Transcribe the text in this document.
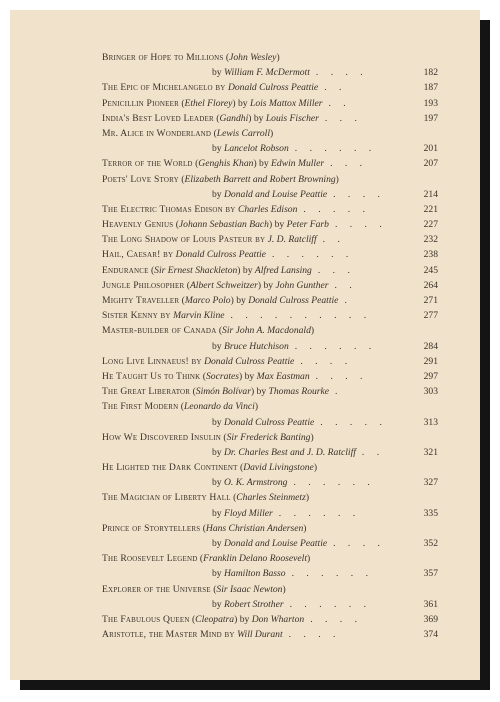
Bringer of Hope to Millions (John Wesley)
by William F. McDermott . . . .	182
The Epic of Michelangelo by Donald Culross Peattie . .	187
Penicillin Pioneer (Ethel Florey) by Lois Mattox Miller . .	193
India's Best Loved Leader (Gandhi) by Louis Fischer . . .	197
Mr. Alice in Wonderland (Lewis Carroll)
by Lancelot Robson . . . . . .	201
Terror of the World (Genghis Khan) by Edwin Muller . . .	207
Poets' Love Story (Elizabeth Barrett and Robert Browning)
by Donald and Louise Peattie . . . .	214
The Electric Thomas Edison by Charles Edison . . . . .	221
Heavenly Genius (Johann Sebastian Bach) by Peter Farb . . . .	227
The Long Shadow of Louis Pasteur by J. D. Ratcliff . .	232
Hail, Caesar! by Donald Culross Peattie . . . . . .	238
Endurance (Sir Ernest Shackleton) by Alfred Lansing . . .	245
Jungle Philosopher (Albert Schweitzer) by John Gunther . .	264
Mighty Traveller (Marco Polo) by Donald Culross Peattie .	271
Sister Kenny by Marvin Kline . . . . . . . . . .	277
Master-builder of Canada (Sir John A. Macdonald)
by Bruce Hutchison . . . . . .	284
Long Live Linnaeus! by Donald Culross Peattie . . . .	291
He Taught Us to Think (Socrates) by Max Eastman . . . .	297
The Great Liberator (Simón Bolívar) by Thomas Rourke .	303
The First Modern (Leonardo da Vinci)
by Donald Culross Peattie . . . . .	313
How We Discovered Insulin (Sir Frederick Banting)
by Dr. Charles Best and J. D. Ratcliff . .	321
He Lighted the Dark Continent (David Livingstone)
by O. K. Armstrong . . . . . .	327
The Magician of Liberty Hall (Charles Steinmetz)
by Floyd Miller . . . . . .	335
Prince of Storytellers (Hans Christian Andersen)
by Donald and Louise Peattie . . . .	352
The Roosevelt Legend (Franklin Delano Roosevelt)
by Hamilton Basso . . . . . .	357
Explorer of the Universe (Sir Isaac Newton)
by Robert Strother . . . . . .	361
The Fabulous Queen (Cleopatra) by Don Wharton . . . .	369
Aristotle, the Master Mind by Will Durant . . . .	374
